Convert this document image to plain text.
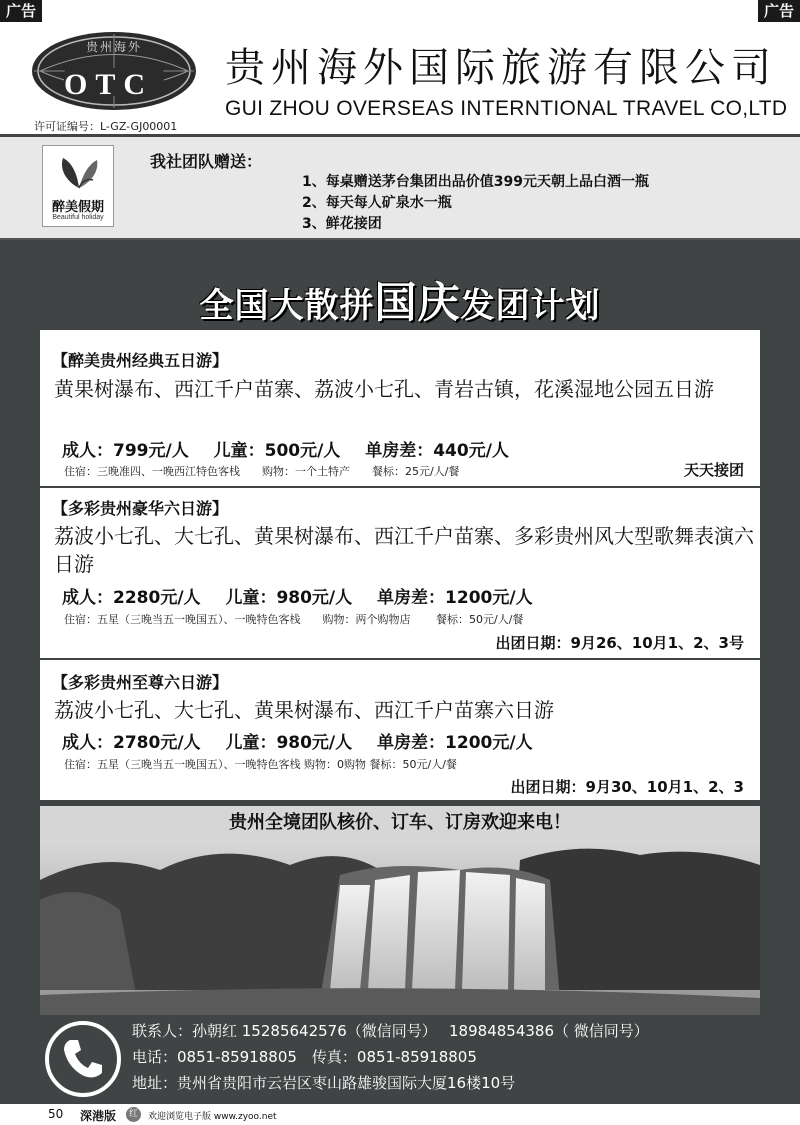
广告	广告
贵州海外
OTC
许可证编号：L-GZ-GJ00001
贵州海外国际旅游有限公司
GUI ZHOU OVERSEAS INTERNTIONAL TRAVEL CO,LTD
醉美假期
Beautiful holiday
我社团队赠送：
1、每桌赠送茅台集团出品价值399元天朝上品白酒一瓶
2、每天每人矿泉水一瓶
3、鲜花接团
全国大散拼国庆发团计划
【醉美贵州经典五日游】
黄果树瀑布、西江千户苗寨、荔波小七孔、青岩古镇，花溪湿地公园五日游
成人：799元/人　 儿童：500元/人　 单房差：440元/人
住宿：三晚准四、一晚西江特色客栈　　购物：一个土特产　　餐标：25元/人/餐	天天接团
【多彩贵州豪华六日游】
荔波小七孔、大七孔、黄果树瀑布、西江千户苗寨、多彩贵州风大型歌舞表演六日游
成人：2280元/人　 儿童：980元/人　 单房差：1200元/人
住宿：五星（三晚当五一晚国五）、一晚特色客栈　　购物：两个购物店　　 餐标：50元/人/餐
出团日期：9月26、10月1、2、3号
【多彩贵州至尊六日游】
荔波小七孔、大七孔、黄果树瀑布、西江千户苗寨六日游
成人：2780元/人　 儿童：980元/人　 单房差：1200元/人
住宿：五星（三晚当五一晚国五）、一晚特色客栈 购物：0购物 餐标：50元/人/餐
出团日期：9月30、10月1、2、3
贵州全境团队核价、订车、订房欢迎来电！
联系人：孙朝红 15285642576（微信同号）　 18984854386（ 微信同号）
电话：0851-85918805　传真：0851-85918805
地址：贵州省贵阳市云岩区枣山路雄骏国际大厦16楼10号
50 深港版	红	欢迎浏览电子版 www.zyoo.net
